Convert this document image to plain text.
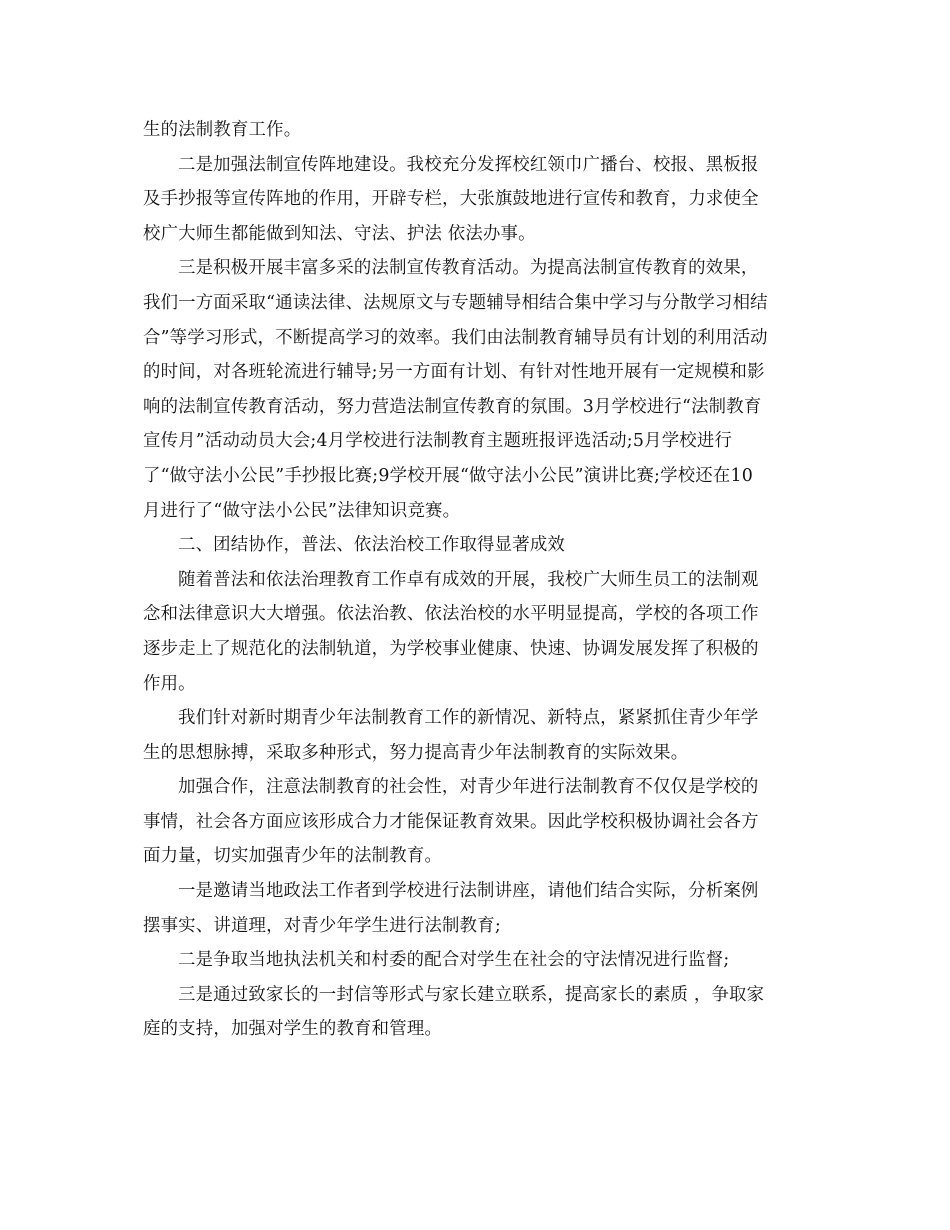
生的法制教育工作。
二是加强法制宣传阵地建设。我校充分发挥校红领巾广播台、校报、黑板报
及手抄报等宣传阵地的作用，开辟专栏，大张旗鼓地进行宣传和教育，力求使全
校广大师生都能做到知法、守法、护法 依法办事。
三是积极开展丰富多采的法制宣传教育活动。为提高法制宣传教育的效果，
我们一方面采取“通读法律、法规原文与专题辅导相结合集中学习与分散学习相结
合”等学习形式，不断提高学习的效率。我们由法制教育辅导员有计划的利用活动
的时间，对各班轮流进行辅导;另一方面有计划、有针对性地开展有一定规模和影
响的法制宣传教育活动，努力营造法制宣传教育的氛围。3月学校进行“法制教育
宣传月”活动动员大会;4月学校进行法制教育主题班报评选活动;5月学校进行
了“做守法小公民”手抄报比赛;9学校开展“做守法小公民”演讲比赛;学校还在10
月进行了“做守法小公民”法律知识竞赛。
二、团结协作，普法、依法治校工作取得显著成效
随着普法和依法治理教育工作卓有成效的开展，我校广大师生员工的法制观
念和法律意识大大增强。依法治教、依法治校的水平明显提高，学校的各项工作
逐步走上了规范化的法制轨道，为学校事业健康、快速、协调发展发挥了积极的
作用。
我们针对新时期青少年法制教育工作的新情况、新特点，紧紧抓住青少年学
生的思想脉搏，采取多种形式，努力提高青少年法制教育的实际效果。
加强合作，注意法制教育的社会性，对青少年进行法制教育不仅仅是学校的
事情，社会各方面应该形成合力才能保证教育效果。因此学校积极协调社会各方
面力量，切实加强青少年的法制教育。
一是邀请当地政法工作者到学校进行法制讲座，请他们结合实际，分析案例
摆事实、讲道理，对青少年学生进行法制教育;
二是争取当地执法机关和村委的配合对学生在社会的守法情况进行监督;
三是通过致家长的一封信等形式与家长建立联系，提高家长的素质 ，争取家
庭的支持，加强对学生的教育和管理。
